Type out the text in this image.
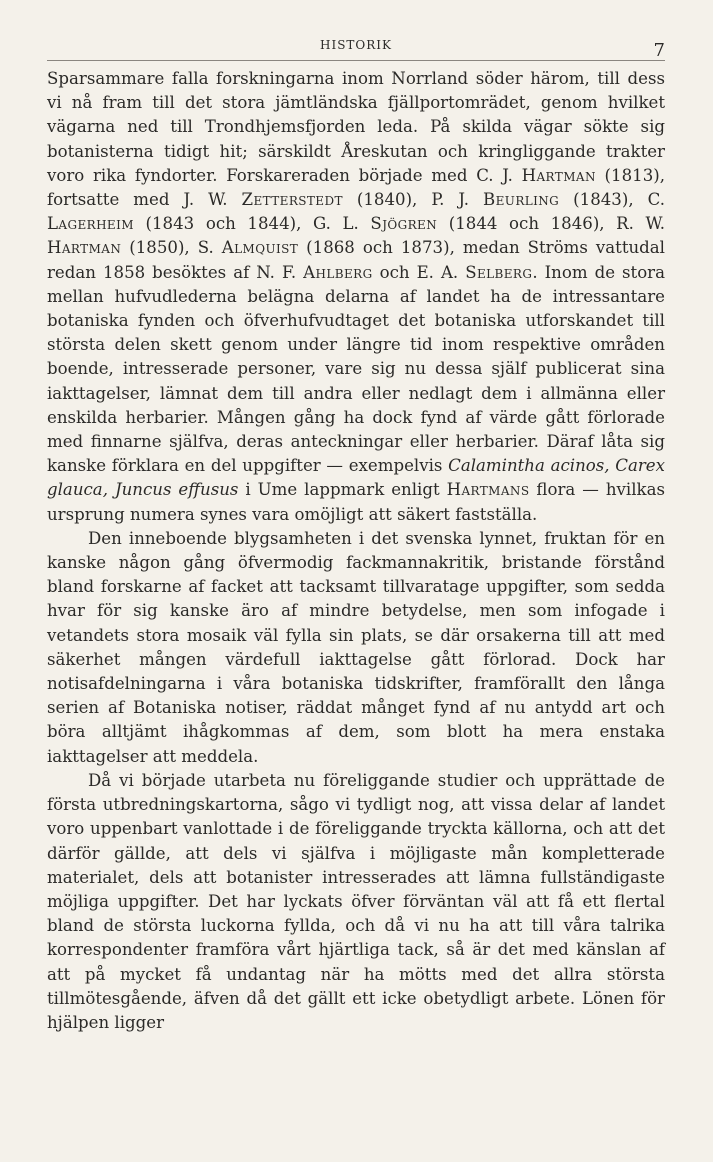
HISTORIK	7

Sparsammare falla forskningarna inom Norrland söder härom, till dess vi nå fram till det stora jämtländska fjällportomrädet, genom hvilket vägarna ned till Trondhjemsfjorden leda. På skilda vägar sökte sig botanisterna tidigt hit; särskildt Åreskutan och kringliggande trakter voro rika fyndorter. Forskareraden började med C. J. Hartman (1813), fortsatte med J. W. Zetterstedt (1840), P. J. Beurling (1843), C. Lagerheim (1843 och 1844), G. L. Sjögren (1844 och 1846), R. W. Hartman (1850), S. Almquist (1868 och 1873), medan Ströms vattudal redan 1858 besöktes af N. F. Ahlberg och E. A. Selberg. Inom de stora mellan hufvudlederna belägna delarna af landet ha de intressantare botaniska fynden och öfverhufvudtaget det botaniska utforskandet till största delen skett genom under längre tid inom respektive områden boende, intresserade personer, vare sig nu dessa själf publicerat sina iakttagelser, lämnat dem till andra eller nedlagt dem i allmänna eller enskilda herbarier. Mången gång ha dock fynd af värde gått förlorade med finnarne själfva, deras anteckningar eller herbarier. Däraf låta sig kanske förklara en del uppgifter — exempelvis Calamintha acinos, Carex glauca, Juncus effusus i Ume lappmark enligt Hartmans flora — hvilkas ursprung numera synes vara omöjligt att säkert fastställa.

Den inneboende blygsamheten i det svenska lynnet, fruktan för en kanske någon gång öfvermodig fackmannakritik, bristande förstånd bland forskarne af facket att tacksamt tillvaratage uppgifter, som sedda hvar för sig kanske äro af mindre betydelse, men som infogade i vetandets stora mosaik väl fylla sin plats, se där orsakerna till att med säkerhet mången värdefull iakttagelse gått förlorad. Dock har notisafdelningarna i våra botaniska tidskrifter, framförallt den långa serien af Botaniska notiser, räddat månget fynd af nu antydd art och böra alltjämt ihågkommas af dem, som blott ha mera enstaka iakttagelser att meddela.

Då vi började utarbeta nu föreliggande studier och upprättade de första utbredningskartorna, sågo vi tydligt nog, att vissa delar af landet voro uppenbart vanlottade i de föreliggande tryckta källorna, och att det därför gällde, att dels vi själfva i möjligaste mån kompletterade materialet, dels att botanister intresserades att lämna fullständigaste möjliga uppgifter. Det har lyckats öfver förväntan väl att få ett flertal bland de största luckorna fyllda, och då vi nu ha att till våra talrika korrespondenter framföra vårt hjärtliga tack, så är det med känslan af att på mycket få undantag när ha mötts med det allra största tillmötesgående, äfven då det gällt ett icke obetydligt arbete. Lönen för hjälpen ligger
